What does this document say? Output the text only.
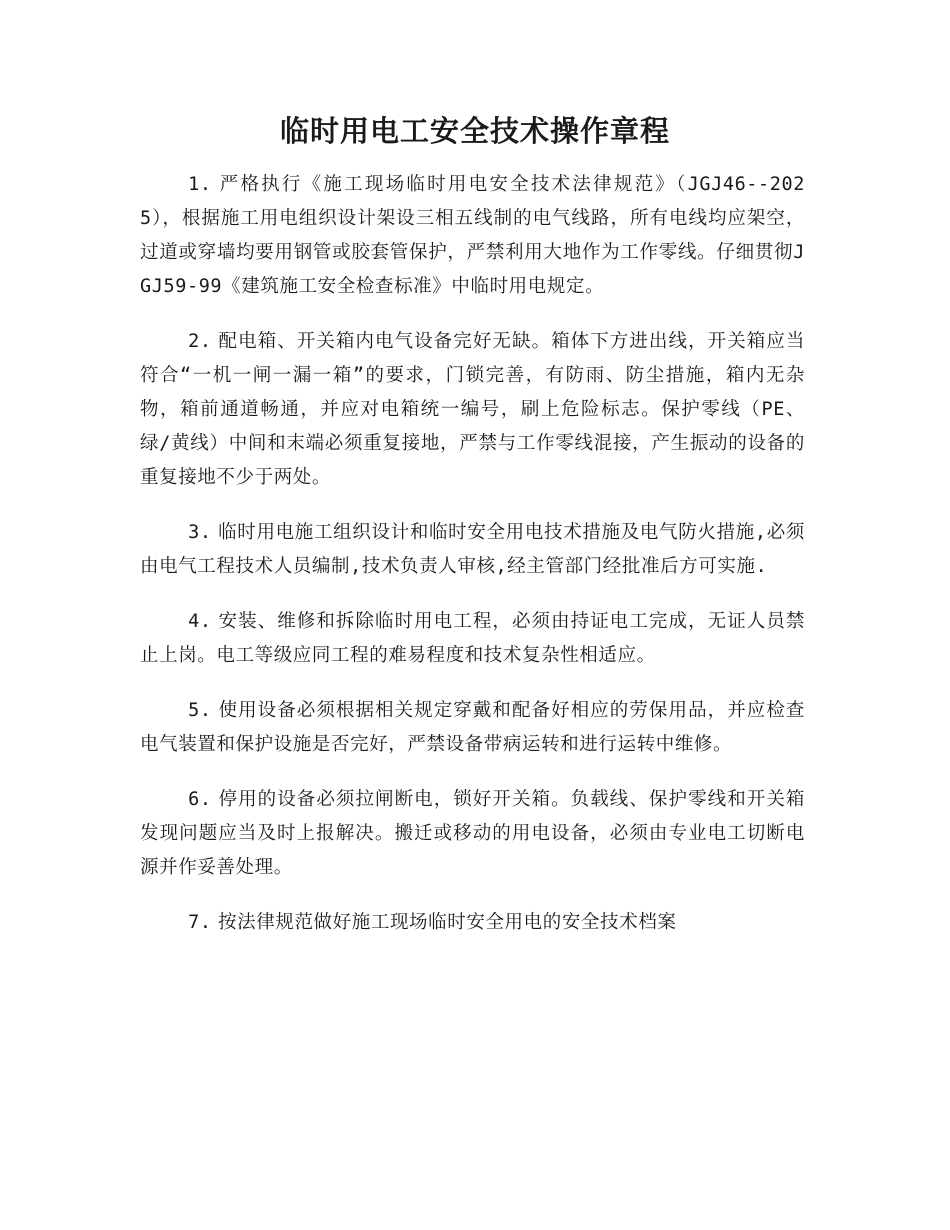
临时用电工安全技术操作章程

1. 严格执行《施工现场临时用电安全技术法律规范》（JGJ46--2025），根据施工用电组织设计架设三相五线制的电气线路，所有电线均应架空，过道或穿墙均要用钢管或胶套管保护，严禁利用大地作为工作零线。仔细贯彻JGJ59-99《建筑施工安全检查标准》中临时用电规定。

2. 配电箱、开关箱内电气设备完好无缺。箱体下方进出线，开关箱应当符合“一机一闸一漏一箱”的要求，门锁完善，有防雨、防尘措施，箱内无杂物，箱前通道畅通，并应对电箱统一编号，刷上危险标志。保护零线（PE、绿/黄线）中间和末端必须重复接地，严禁与工作零线混接，产生振动的设备的重复接地不少于两处。

3. 临时用电施工组织设计和临时安全用电技术措施及电气防火措施,必须由电气工程技术人员编制,技术负责人审核,经主管部门经批准后方可实施.

4. 安装、维修和拆除临时用电工程，必须由持证电工完成，无证人员禁止上岗。电工等级应同工程的难易程度和技术复杂性相适应。

5. 使用设备必须根据相关规定穿戴和配备好相应的劳保用品，并应检查电气装置和保护设施是否完好，严禁设备带病运转和进行运转中维修。

6. 停用的设备必须拉闸断电，锁好开关箱。负载线、保护零线和开关箱发现问题应当及时上报解决。搬迁或移动的用电设备，必须由专业电工切断电源并作妥善处理。

7. 按法律规范做好施工现场临时安全用电的安全技术档案
